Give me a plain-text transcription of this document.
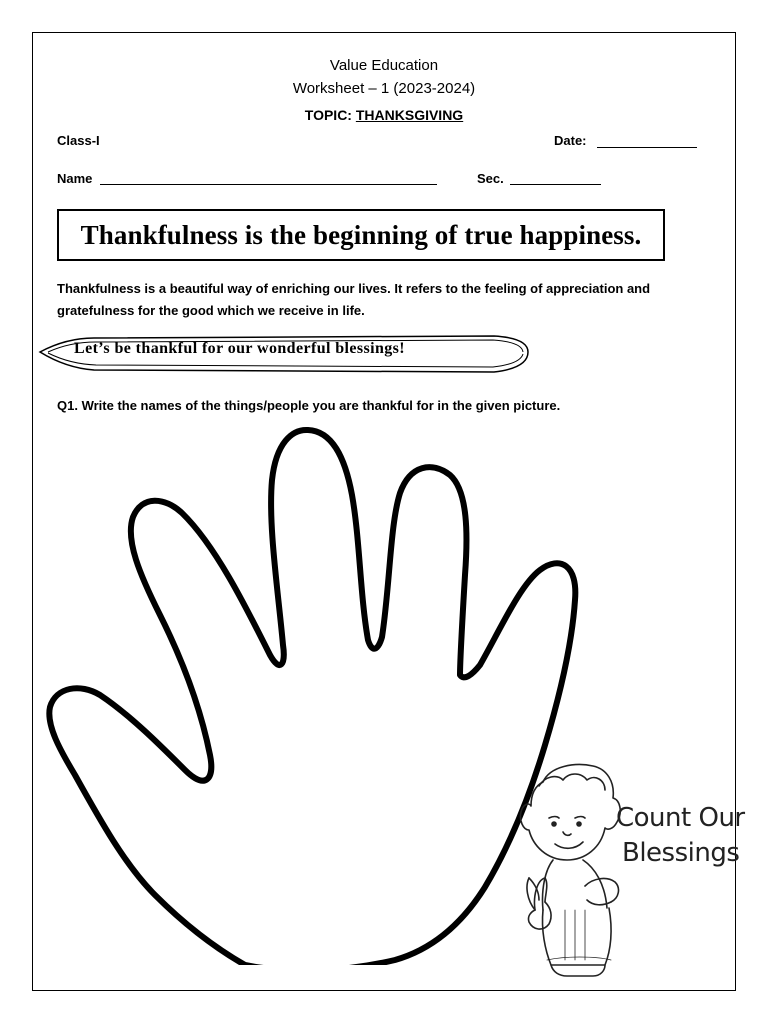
Value Education
Worksheet – 1 (2023-2024)
TOPIC: THANKSGIVING
Class-I	Date:
Name	Sec.
Thankfulness is the beginning of true happiness.
Thankfulness is a beautiful way of enriching our lives. It refers to the feeling of appreciation and gratefulness for the good which we receive in life.
Let’s be thankful for our wonderful blessings!
Q1. Write the names of the things/people you are thankful for in the given picture.
Count Our
Blessings
